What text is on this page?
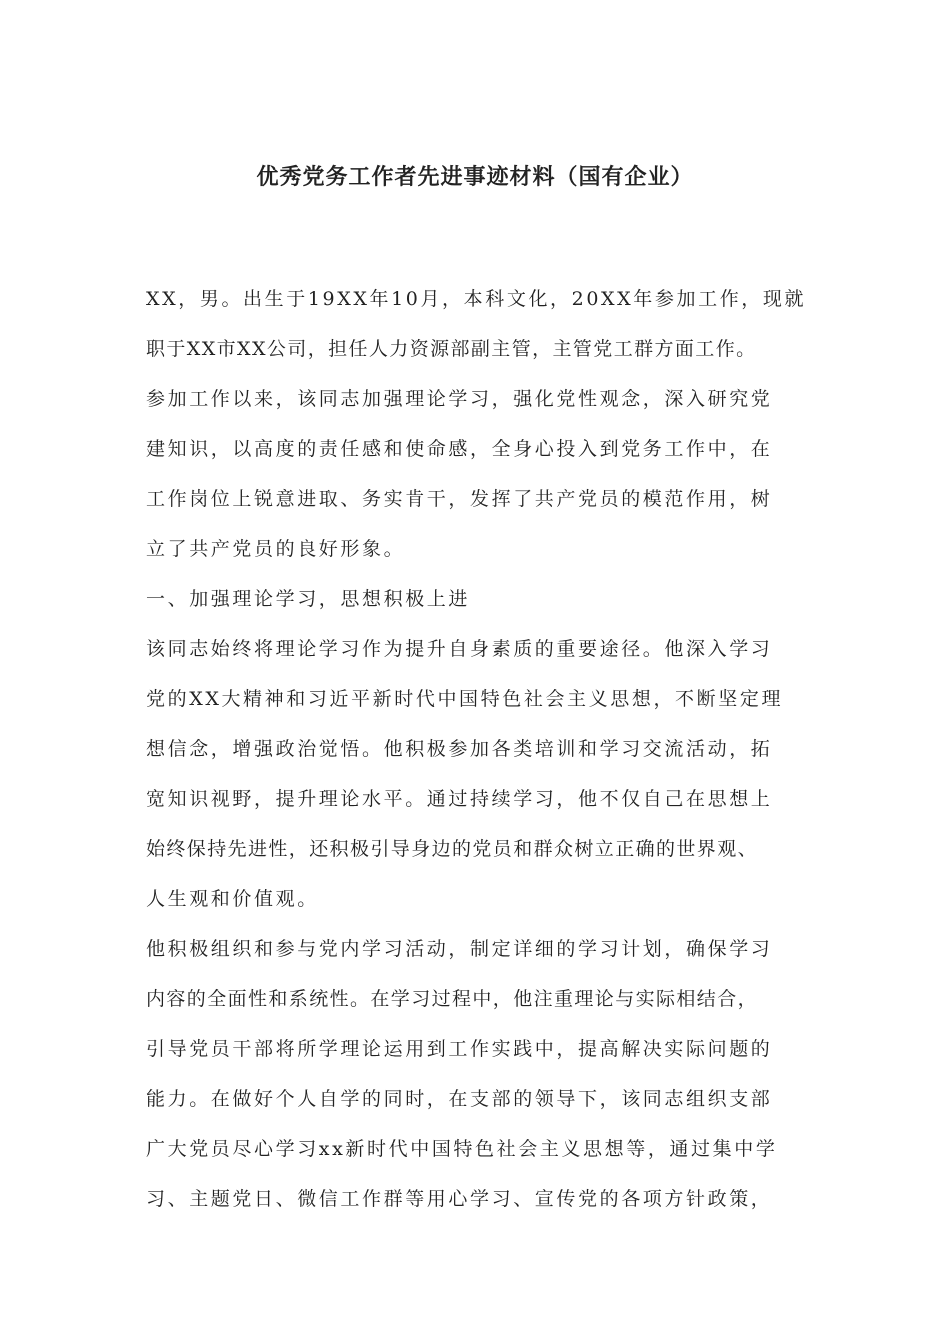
优秀党务工作者先进事迹材料（国有企业）
XX，男。出生于19XX年10月，本科文化，20XX年参加工作，现就
职于XX市XX公司，担任人力资源部副主管，主管党工群方面工作。
参加工作以来，该同志加强理论学习，强化党性观念，深入研究党
建知识，以高度的责任感和使命感，全身心投入到党务工作中，在
工作岗位上锐意进取、务实肯干，发挥了共产党员的模范作用，树
立了共产党员的良好形象。
一、加强理论学习，思想积极上进
该同志始终将理论学习作为提升自身素质的重要途径。他深入学习
党的XX大精神和习近平新时代中国特色社会主义思想，不断坚定理
想信念，增强政治觉悟。他积极参加各类培训和学习交流活动，拓
宽知识视野，提升理论水平。通过持续学习，他不仅自己在思想上
始终保持先进性，还积极引导身边的党员和群众树立正确的世界观、
人生观和价值观。
他积极组织和参与党内学习活动，制定详细的学习计划，确保学习
内容的全面性和系统性。在学习过程中，他注重理论与实际相结合，
引导党员干部将所学理论运用到工作实践中，提高解决实际问题的
能力。在做好个人自学的同时，在支部的领导下，该同志组织支部
广大党员尽心学习xx新时代中国特色社会主义思想等，通过集中学
习、主题党日、微信工作群等用心学习、宣传党的各项方针政策，
